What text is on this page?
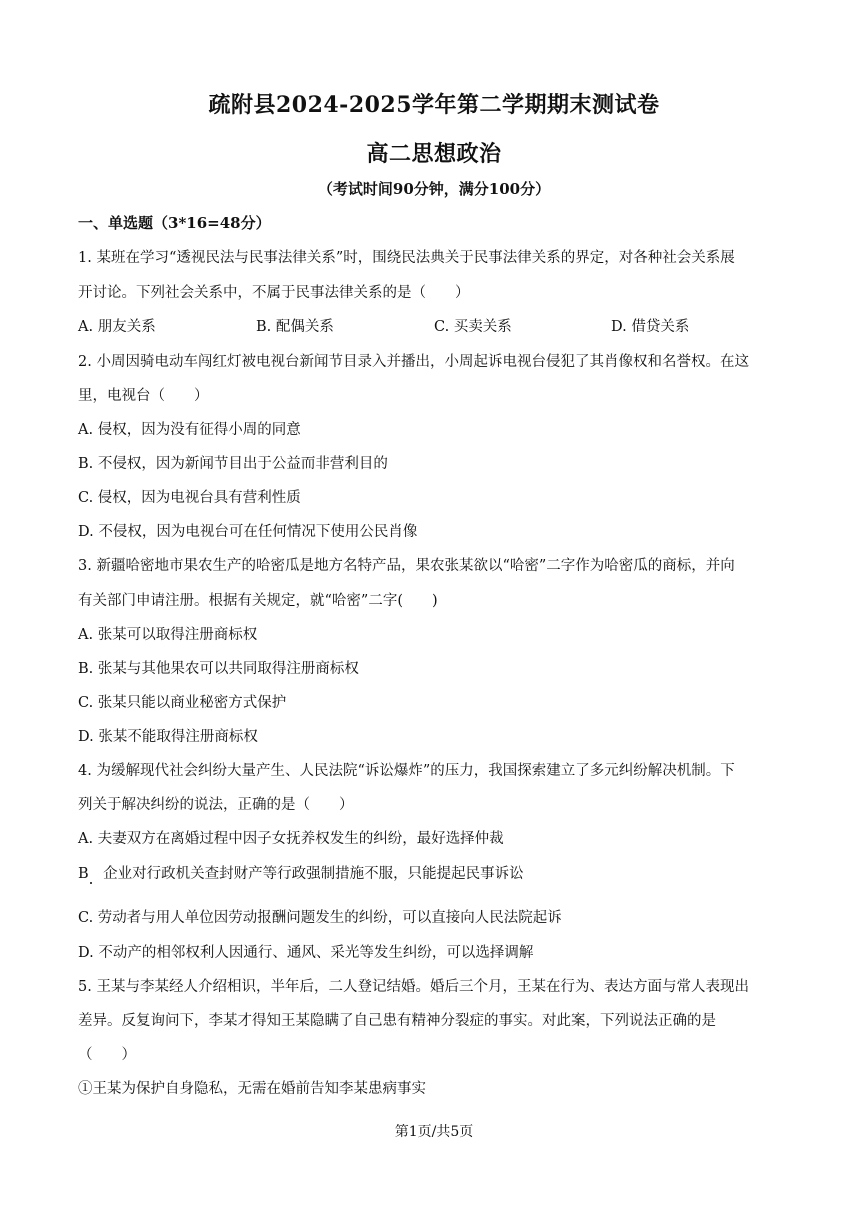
疏附县2024-2025学年第二学期期末测试卷
高二思想政治
（考试时间90分钟，满分100分）
一、单选题（3*16=48分）
1. 某班在学习“透视民法与民事法律关系”时，围绕民法典关于民事法律关系的界定，对各种社会关系展
开讨论。下列社会关系中，不属于民事法律关系的是（　　）
A. 朋友关系	B. 配偶关系	C. 买卖关系	D. 借贷关系
2. 小周因骑电动车闯红灯被电视台新闻节目录入并播出，小周起诉电视台侵犯了其肖像权和名誉权。在这
里，电视台（　　）
A. 侵权，因为没有征得小周的同意
B. 不侵权，因为新闻节目出于公益而非营利目的
C. 侵权，因为电视台具有营利性质
D. 不侵权，因为电视台可在任何情况下使用公民肖像
3. 新疆哈密地市果农生产的哈密瓜是地方名特产品，果农张某欲以“哈密”二字作为哈密瓜的商标，并向
有关部门申请注册。根据有关规定，就“哈密”二字(　　)
A. 张某可以取得注册商标权
B. 张某与其他果农可以共同取得注册商标权
C. 张某只能以商业秘密方式保护
D. 张某不能取得注册商标权
4. 为缓解现代社会纠纷大量产生、人民法院“诉讼爆炸”的压力，我国探索建立了多元纠纷解决机制。下
列关于解决纠纷的说法，正确的是（　　）
A. 夫妻双方在离婚过程中因子女抚养权发生的纠纷，最好选择仲裁
B　企业对行政机关查封财产等行政强制措施不服，只能提起民事诉讼
C. 劳动者与用人单位因劳动报酬问题发生的纠纷，可以直接向人民法院起诉
D. 不动产的相邻权利人因通行、通风、采光等发生纠纷，可以选择调解
5. 王某与李某经人介绍相识，半年后，二人登记结婚。婚后三个月，王某在行为、表达方面与常人表现出
差异。反复询问下，李某才得知王某隐瞒了自己患有精神分裂症的事实。对此案，下列说法正确的是
（　　）
①王某为保护自身隐私，无需在婚前告知李某患病事实
第1页/共5页
